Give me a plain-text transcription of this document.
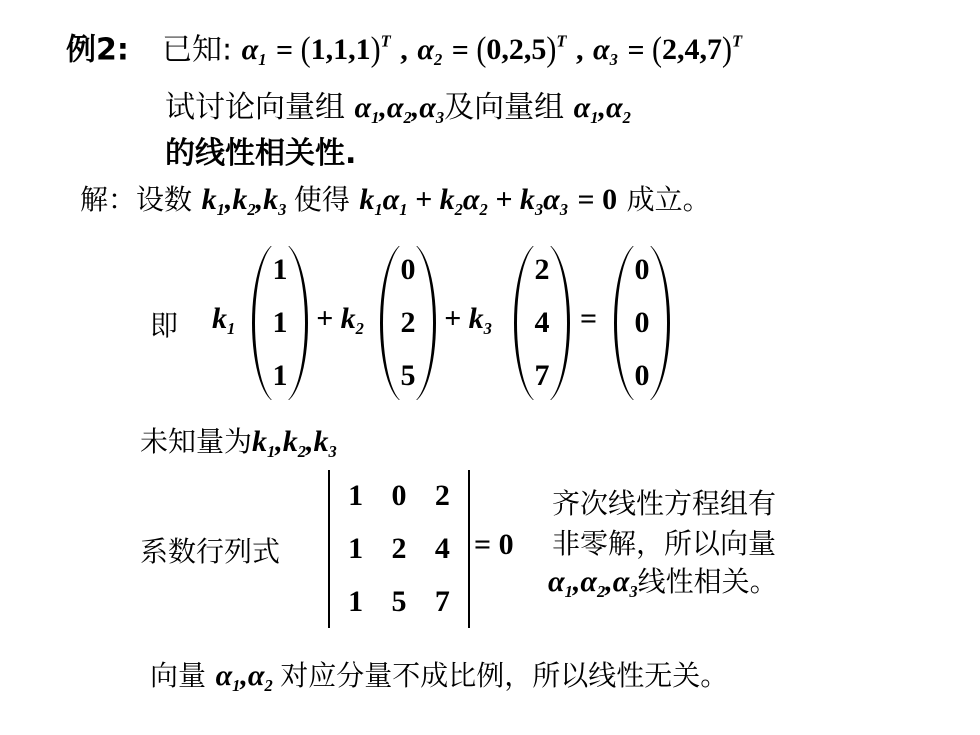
例2: 已知: $\alpha_1 = (1,1,1)^T$ , $\alpha_2 = (0,2,5)^T$ , $\alpha_3 = (2,4,7)^T$
试讨论向量组 $\alpha_1,\alpha_2,\alpha_3$及向量组 $\alpha_1,\alpha_2$
的线性相关性.
解：设数 $k_1,k_2,k_3$ 使得 $k_1\alpha_1 + k_2\alpha_2 + k_3\alpha_3 = 0$ 成立。
即 $k_1$
1
1
1
+ $k_2$
0
2
5
+ $k_3$
2
4
7
=
0
0
0
未知量为$k_1,k_2,k_3$
系数行列式
1 0 2
1 2 4
1 5 7
= 0
齐次线性方程组有
非零解，所以向量
$\alpha_1,\alpha_2,\alpha_3$线性相关。
向量 $\alpha_1,\alpha_2$ 对应分量不成比例，所以线性无关。
